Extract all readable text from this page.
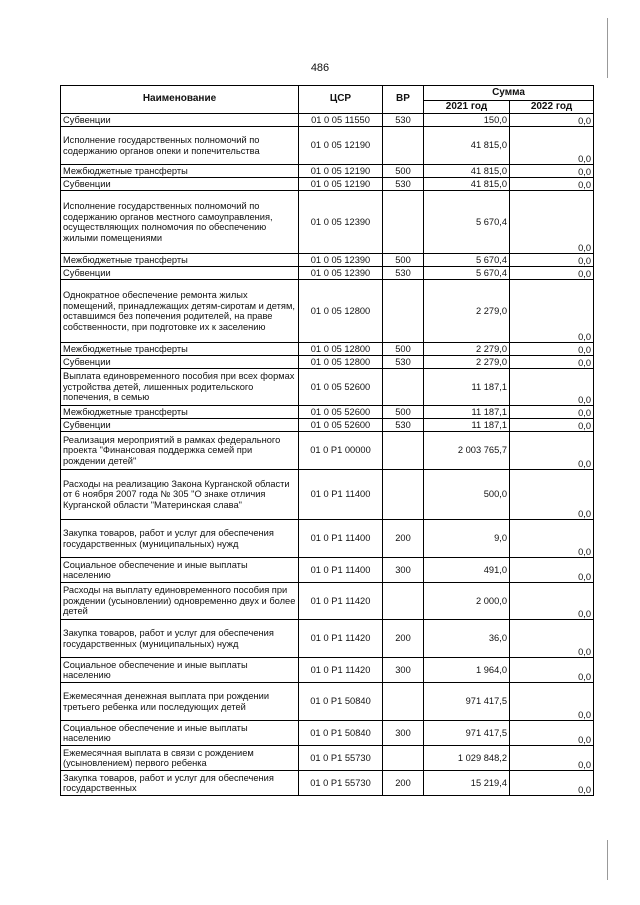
486
Наименование	ЦСР	ВР	Сумма	
			2021 год	2022 год
Субвенции	01 0 05 11550	530	150,0	0,0
Исполнение государственных полномочий по содержанию органов опеки и попечительства	01 0 05 12190		41 815,0	0,0
Межбюджетные трансферты	01 0 05 12190	500	41 815,0	0,0
Субвенции	01 0 05 12190	530	41 815,0	0,0
Исполнение государственных полномочий по содержанию органов местного самоуправления, осуществляющих полномочия по обеспечению жилыми помещениями	01 0 05 12390		5 670,4	0,0
Межбюджетные трансферты	01 0 05 12390	500	5 670,4	0,0
Субвенции	01 0 05 12390	530	5 670,4	0,0
Однократное обеспечение ремонта жилых помещений, принадлежащих детям-сиротам и детям, оставшимся без попечения родителей, на праве собственности, при подготовке их к заселению	01 0 05 12800		2 279,0	0,0
Межбюджетные трансферты	01 0 05 12800	500	2 279,0	0,0
Субвенции	01 0 05 12800	530	2 279,0	0,0
Выплата единовременного пособия при всех формах устройства детей, лишенных родительского попечения, в семью	01 0 05 52600		11 187,1	0,0
Межбюджетные трансферты	01 0 05 52600	500	11 187,1	0,0
Субвенции	01 0 05 52600	530	11 187,1	0,0
Реализация мероприятий в рамках федерального проекта "Финансовая поддержка семей при рождении детей"	01 0 P1 00000		2 003 765,7	0,0
Расходы на реализацию Закона Курганской области от 6 ноября 2007 года № 305 "О знаке отличия Курганской области "Материнская слава"	01 0 P1 11400		500,0	0,0
Закупка товаров, работ и услуг для обеспечения государственных (муниципальных) нужд	01 0 P1 11400	200	9,0	0,0
Социальное обеспечение и иные выплаты населению	01 0 P1 11400	300	491,0	0,0
Расходы на выплату единовременного пособия при рождении (усыновлении) одновременно двух и более детей	01 0 P1 11420		2 000,0	0,0
Закупка товаров, работ и услуг для обеспечения государственных (муниципальных) нужд	01 0 P1 11420	200	36,0	0,0
Социальное обеспечение и иные выплаты населению	01 0 P1 11420	300	1 964,0	0,0
Ежемесячная денежная выплата при рождении третьего ребенка или последующих детей	01 0 P1 50840		971 417,5	0,0
Социальное обеспечение и иные выплаты населению	01 0 P1 50840	300	971 417,5	0,0
Ежемесячная выплата в связи с рождением (усыновлением) первого ребенка	01 0 P1 55730		1 029 848,2	0,0
Закупка товаров, работ и услуг для обеспечения государственных	01 0 P1 55730	200	15 219,4	0,0
